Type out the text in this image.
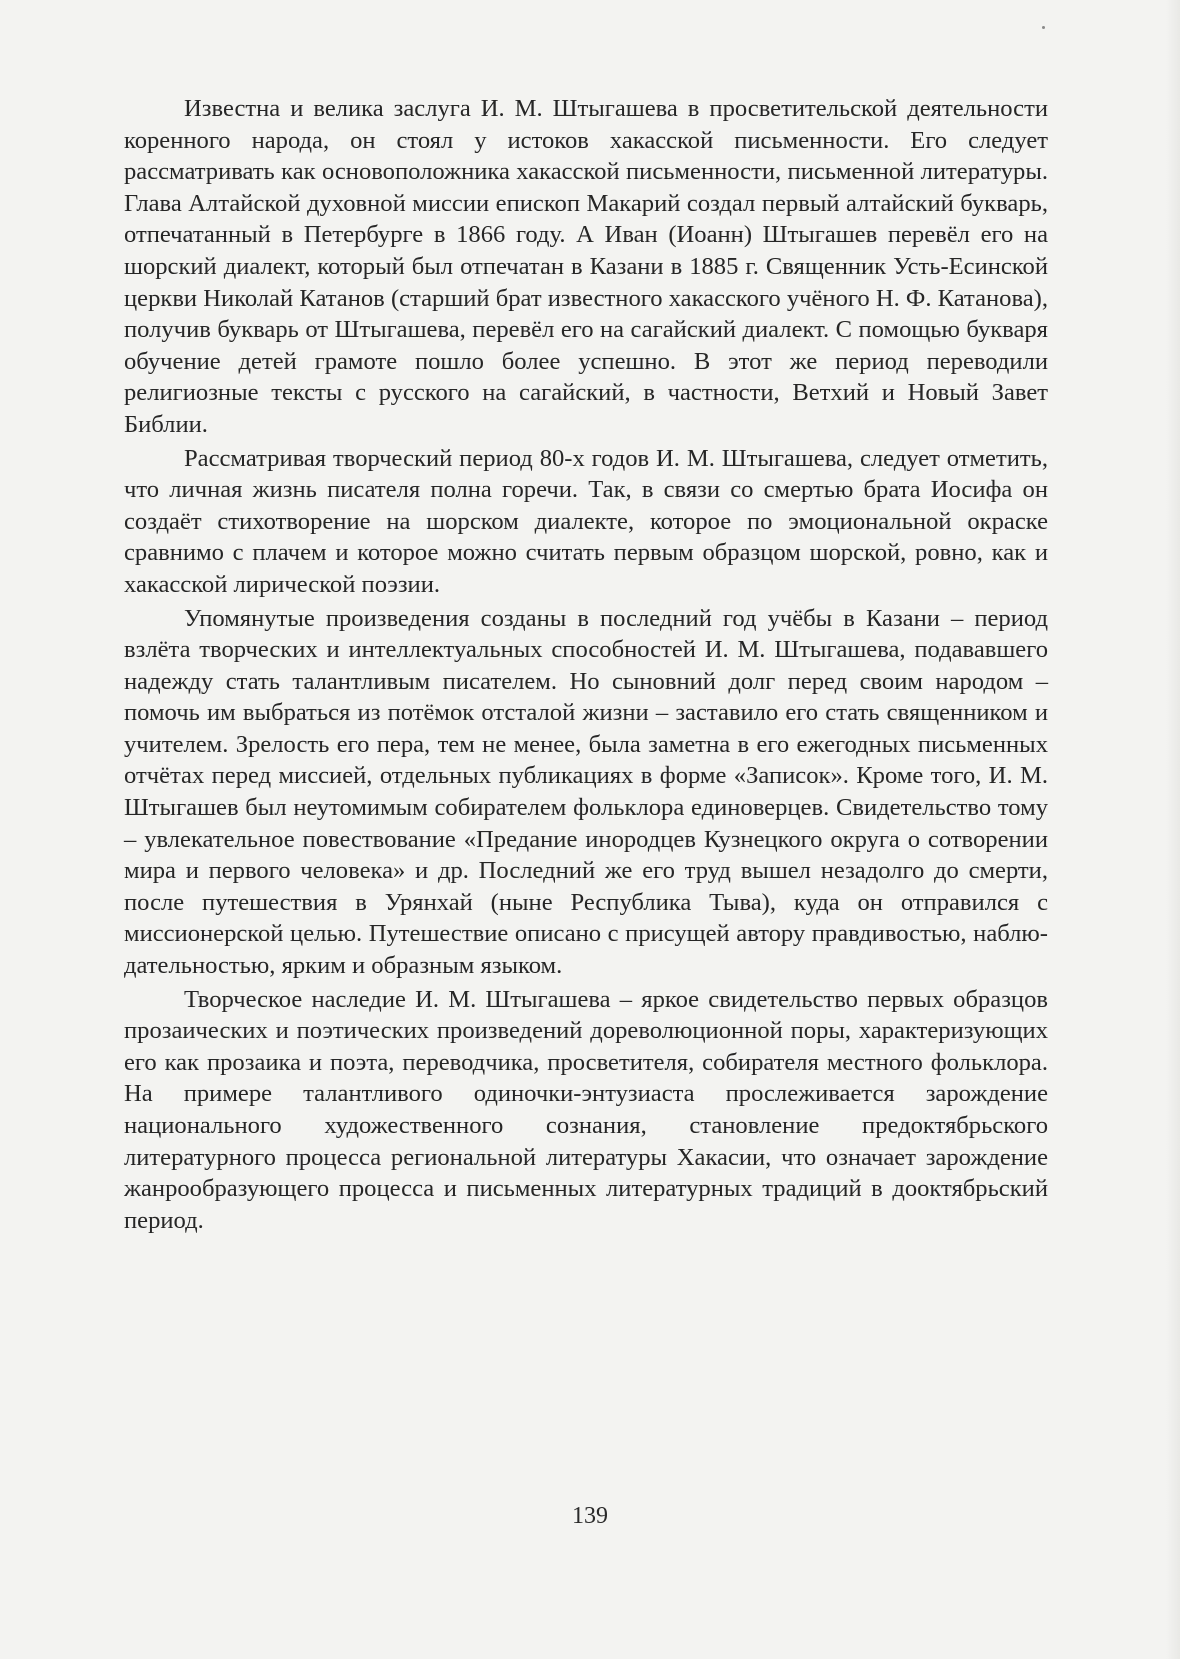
Известна и велика заслуга И. М. Штыгашева в просветительской деятельности коренного народа, он стоял у истоков хакасской письменности. Его следует рассматривать как основоположника хакасской письменности, письменной литературы. Глава Алтайской духовной миссии епископ Макарий создал первый алтайский букварь, отпечатанный в Петербурге в 1866 году. А Иван (Иоанн) Штыгашев перевёл его на шорский диалект, который был отпечатан в Казани в 1885 г. Священник Усть-Есинской церкви Николай Катанов (старший брат известного хакасского учёного Н. Ф. Катанова), получив букварь от Штыгашева, перевёл его на сагайский диалект. С помощью букваря обучение детей грамоте пошло более успешно. В этот же период переводили религиозные тексты с русского на сагайский, в частности, Ветхий и Новый Завет Библии.

Рассматривая творческий период 80-х годов И. М. Штыгашева, следует отметить, что личная жизнь писателя полна горечи. Так, в связи со смертью брата Иосифа он создаёт стихотворение на шорском диалекте, которое по эмоциональной окраске сравнимо с плачем и которое можно считать первым образцом шорской, ровно, как и хакасской лирической поэзии.

Упомянутые произведения созданы в последний год учёбы в Казани – период взлёта творческих и интеллектуальных способностей И. М. Штыгашева, подававшего надежду стать талантливым писателем. Но сыновний долг перед своим народом – помочь им выбраться из потёмок отсталой жизни – заставило его стать священником и учителем. Зрелость его пера, тем не менее, была заметна в его ежегодных письменных отчётах перед миссией, отдельных публикациях в форме «Записок». Кроме того, И. М. Штыгашев был неутомимым собирателем фольклора единоверцев. Свидетельство тому – увлекательное повествование «Предание инородцев Кузнецкого округа о сотворении мира и первого человека» и др. Последний же его труд вышел незадолго до смерти, после путешествия в Урянхай (ныне Республика Тыва), куда он отправился с миссионерской целью. Путешествие описано с присущей автору правдивостью, наблюдательностью, ярким и образным языком.

Творческое наследие И. М. Штыгашева – яркое свидетельство первых образцов прозаических и поэтических произведений дореволюционной поры, характеризующих его как прозаика и поэта, переводчика, просветителя, собирателя местного фольклора. На примере талантливого одиночки-энтузиаста прослеживается зарождение национального художественного сознания, становление предоктябрьского литературного процесса региональной литературы Хакасии, что означает зарождение жанрообразующего процесса и письменных литературных традиций в дооктябрьский период.

139
